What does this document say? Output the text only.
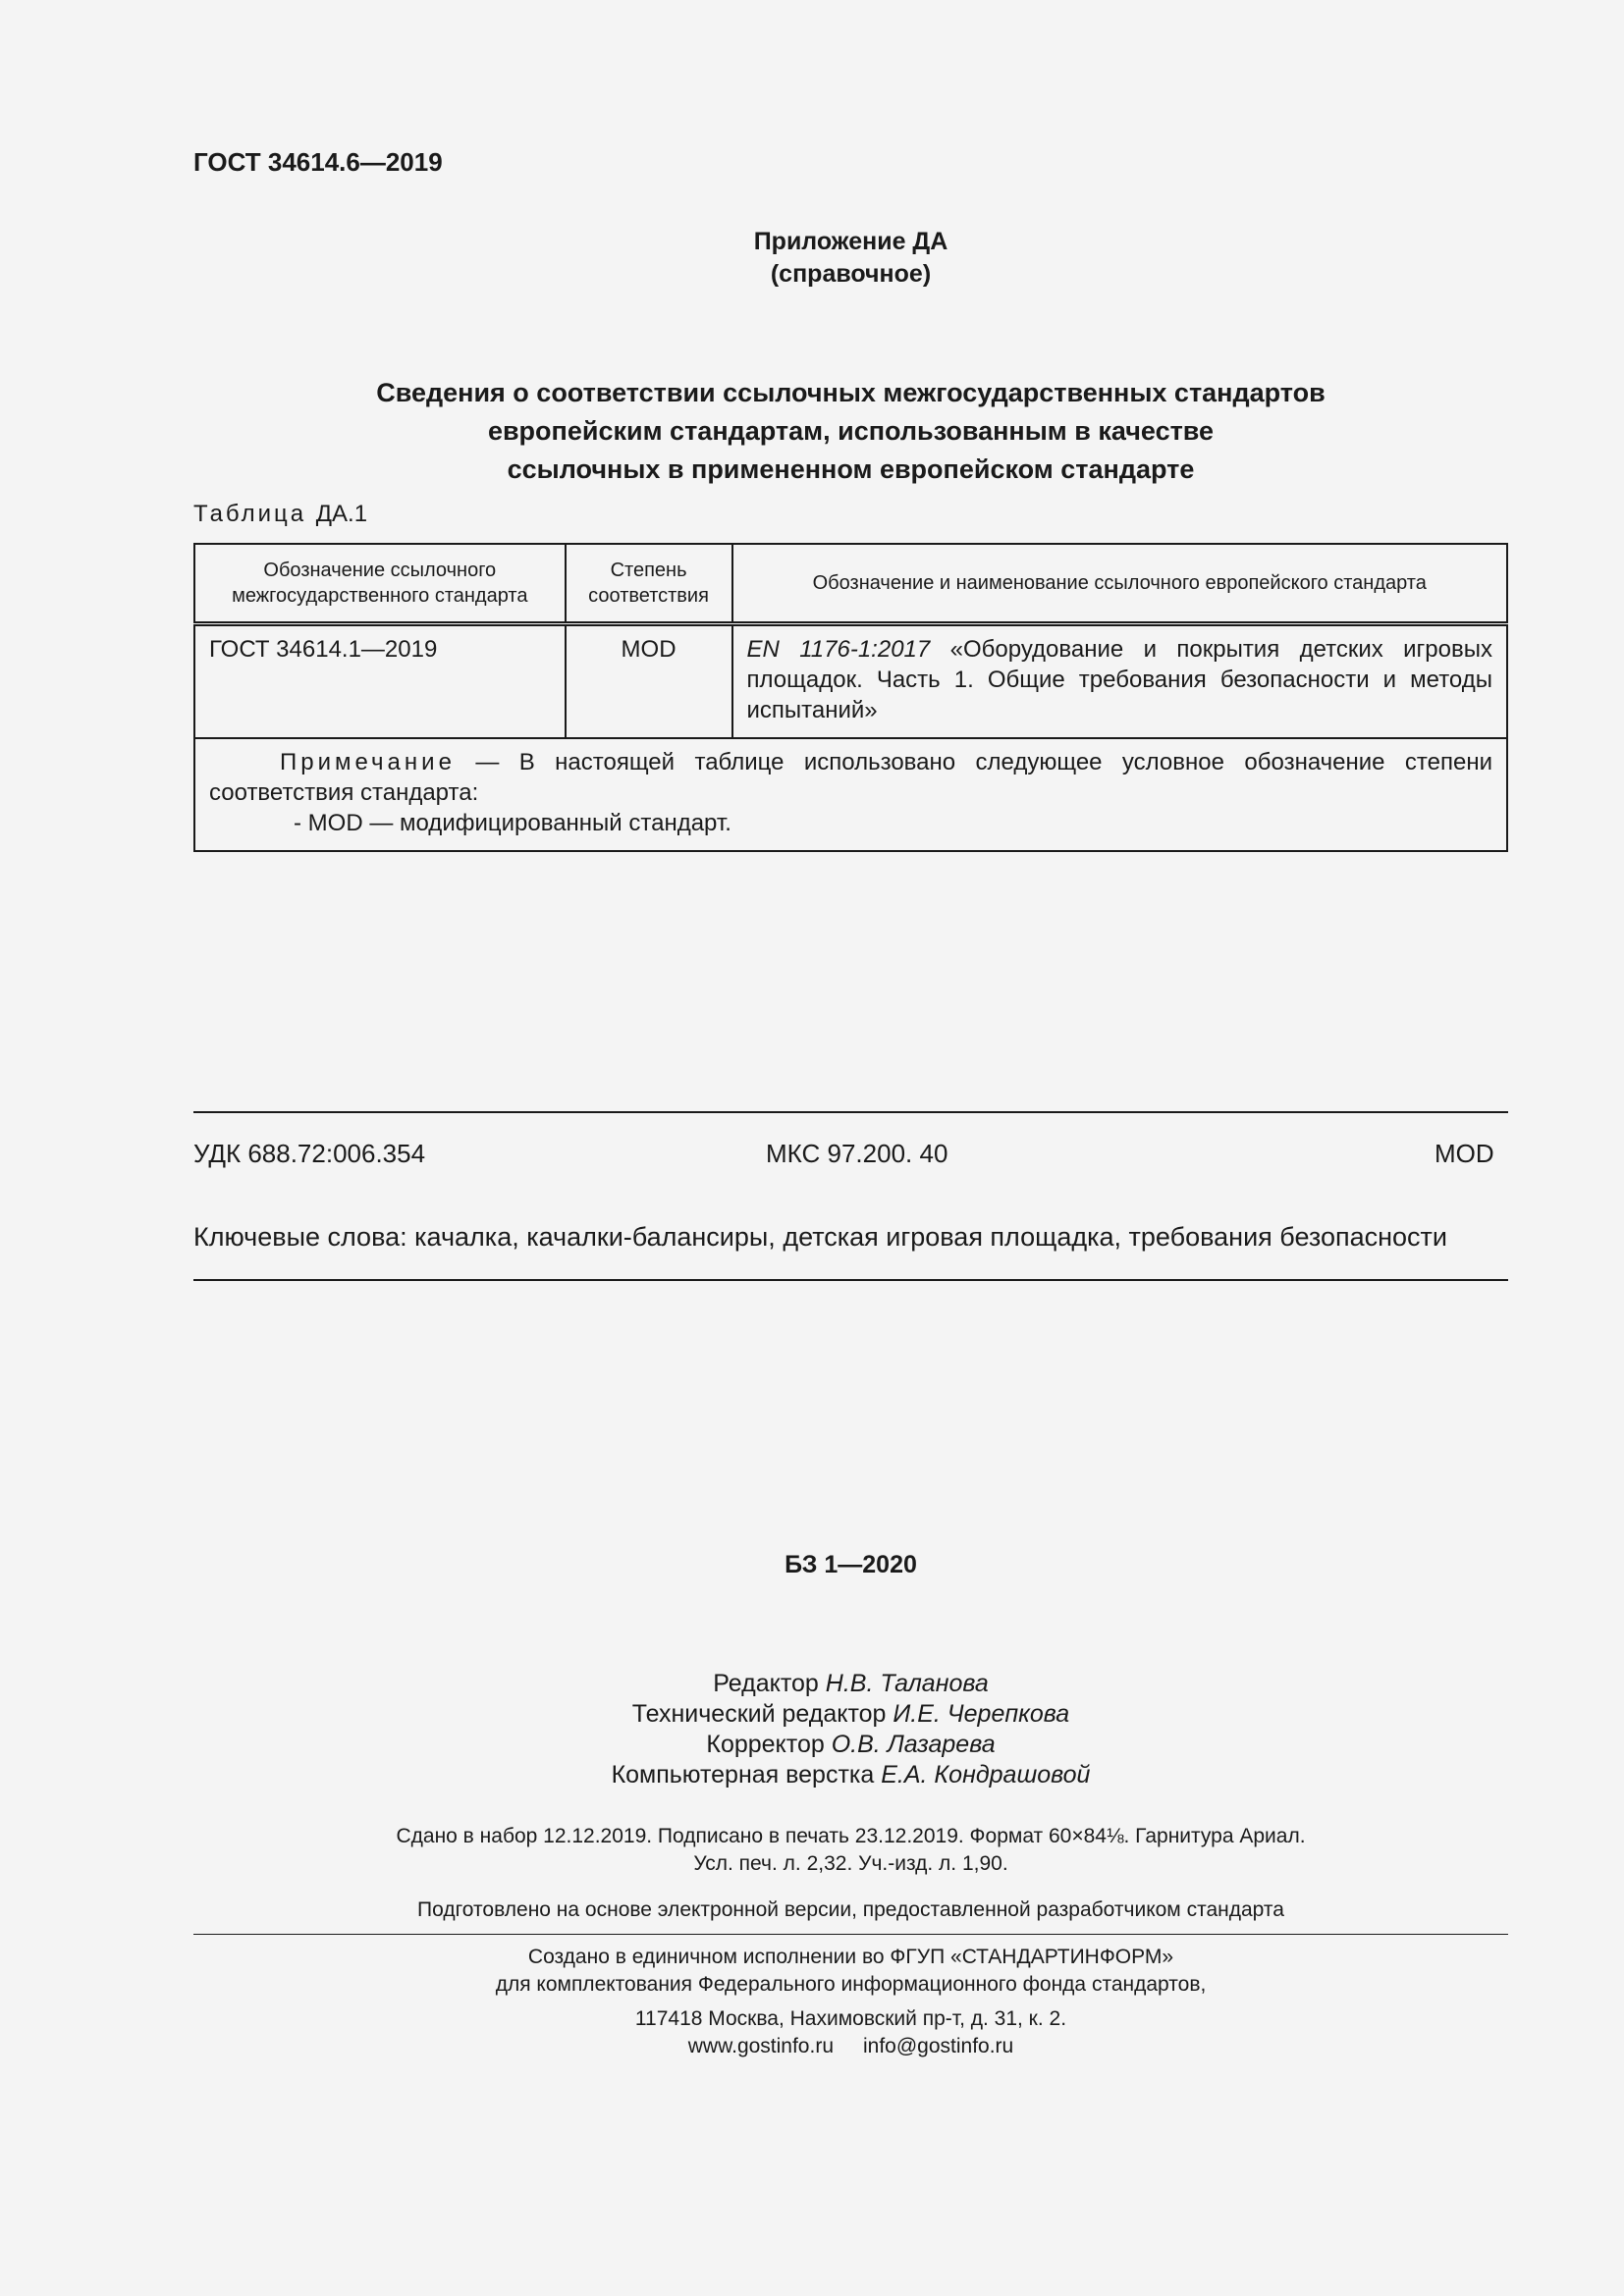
ГОСТ 34614.6—2019
Приложение ДА
(справочное)
Сведения о соответствии ссылочных межгосударственных стандартов
европейским стандартам, использованным в качестве
ссылочных в примененном европейском стандарте
Таблица ДА.1
Обозначение ссылочного межгосударственного стандарта	Степень соответствия	Обозначение и наименование ссылочного европейского стандарта
ГОСТ 34614.1—2019	MOD	EN 1176-1:2017 «Оборудование и покрытия детских игровых площадок. Часть 1. Общие требования безопасности и методы испытаний»

Примечание — В настоящей таблице использовано следующее условное обозначение степени соответствия стандарта:
- MOD — модифицированный стандарт.		
УДК 688.72:006.354	МКС 97.200. 40	MOD
Ключевые слова: качалка, качалки-балансиры, детская игровая площадка, требования безопасности
БЗ 1—2020
Редактор Н.В. Таланова
Технический редактор И.Е. Черепкова
Корректор О.В. Лазарева
Компьютерная верстка Е.А. Кондрашовой
Сдано в набор 12.12.2019. Подписано в печать 23.12.2019. Формат 60×84⅛. Гарнитура Ариал.
Усл. печ. л. 2,32. Уч.-изд. л. 1,90.
Подготовлено на основе электронной версии, предоставленной разработчиком стандарта
Создано в единичном исполнении во ФГУП «СТАНДАРТИНФОРМ»
для комплектования Федерального информационного фонда стандартов,
117418 Москва, Нахимовский пр-т, д. 31, к. 2.
www.gostinfo.ru info@gostinfo.ru
